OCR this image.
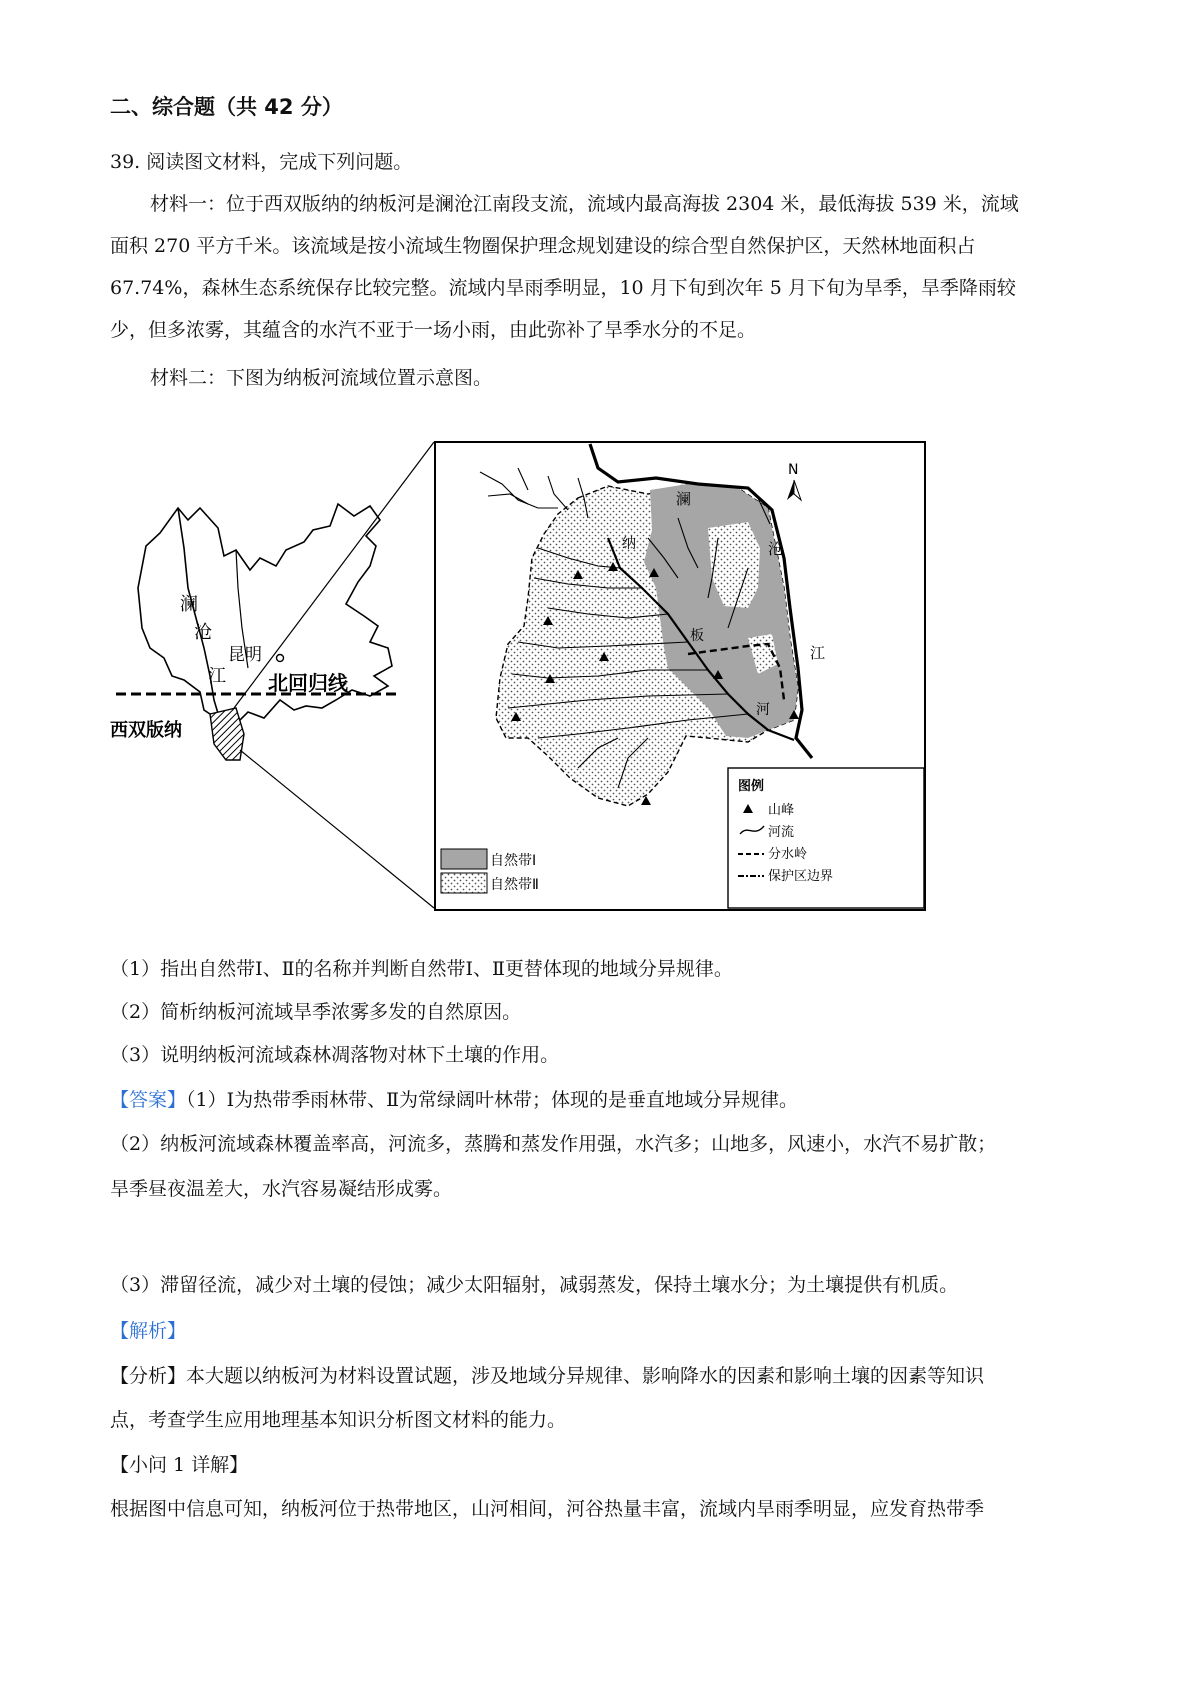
二、综合题（共 42 分）
39. 阅读图文材料，完成下列问题。
材料一：位于西双版纳的纳板河是澜沧江南段支流，流域内最高海拔 2304 米，最低海拔 539 米，流域
面积 270 平方千米。该流域是按小流域生物圈保护理念规划建设的综合型自然保护区，天然林地面积占
67.74%，森林生态系统保存比较完整。流域内旱雨季明显，10 月下旬到次年 5 月下旬为旱季，旱季降雨较
少，但多浓雾，其蕴含的水汽不亚于一场小雨，由此弥补了旱季水分的不足。
材料二：下图为纳板河流域位置示意图。
澜
沧
江
昆明
北回归线
西双版纳
N
澜
沧
江
纳
板
河
自然带Ⅰ
自然带Ⅱ
图例
山峰
河流
分水岭
保护区边界
（1）指出自然带Ⅰ、Ⅱ的名称并判断自然带Ⅰ、Ⅱ更替体现的地域分异规律。
（2）简析纳板河流域旱季浓雾多发的自然原因。
（3）说明纳板河流域森林凋落物对林下土壤的作用。
【答案】（1）Ⅰ为热带季雨林带、Ⅱ为常绿阔叶林带；体现的是垂直地域分异规律。
（2）纳板河流域森林覆盖率高，河流多，蒸腾和蒸发作用强，水汽多；山地多，风速小，水汽不易扩散；
旱季昼夜温差大，水汽容易凝结形成雾。
（3）滞留径流，减少对土壤的侵蚀；减少太阳辐射，减弱蒸发，保持土壤水分；为土壤提供有机质。
【解析】
【分析】本大题以纳板河为材料设置试题，涉及地域分异规律、影响降水的因素和影响土壤的因素等知识
点，考查学生应用地理基本知识分析图文材料的能力。
【小问 1 详解】
根据图中信息可知，纳板河位于热带地区，山河相间，河谷热量丰富，流域内旱雨季明显，应发育热带季
